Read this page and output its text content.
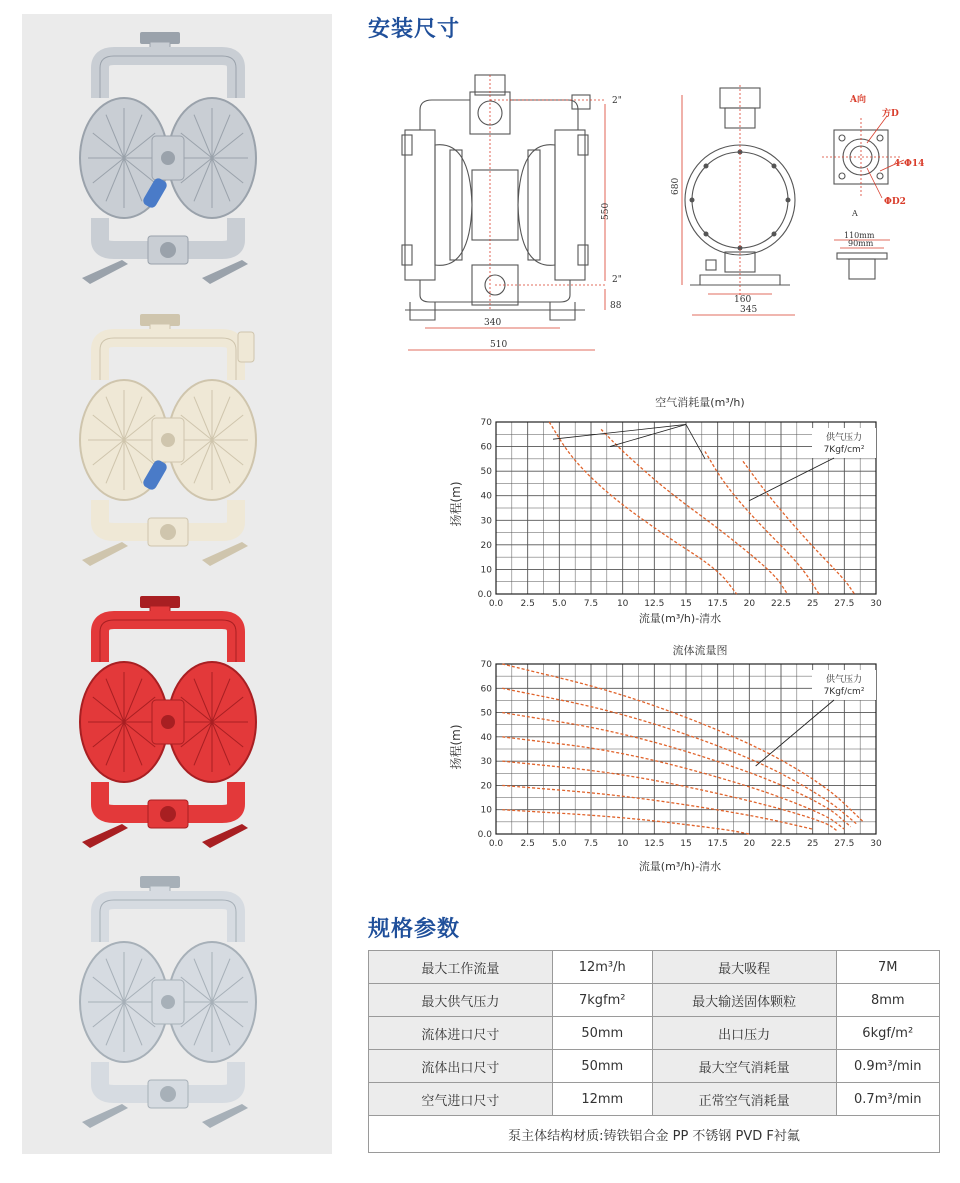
安装尺寸
2"
2"
550
88
340
510
680
160
345
A向
方D
4-Φ14
ΦD2
A
110mm
90mm
空气消耗量(m³/h)
扬程(m)
流量(m³/h)-清水
0.0 2.5 5.0 7.5 10 12.5 15 17.5 20 22.5 25 27.5 30
0.0
10
20
30
40
50
60
70
供气压力
7Kgf/cm²
流体流量图
扬程(m)
流量(m³/h)-清水
0.0 2.5 5.0 7.5 10 12.5 15 17.5 20 22.5 25 27.5 30
0.0
10
20
30
40
50
60
70
供气压力
7Kgf/cm²
规格参数
最大工作流量	12m³/h	最大吸程	7M
最大供气压力	7kgfm²	最大输送固体颗粒	8mm
流体进口尺寸	50mm	出口压力	6kgf/m²
流体出口尺寸	50mm	最大空气消耗量	0.9m³/min
空气进口尺寸	12mm	正常空气消耗量	0.7m³/min
泵主体结构材质:铸铁铝合金 PP 不锈钢 PVD F衬氟			
